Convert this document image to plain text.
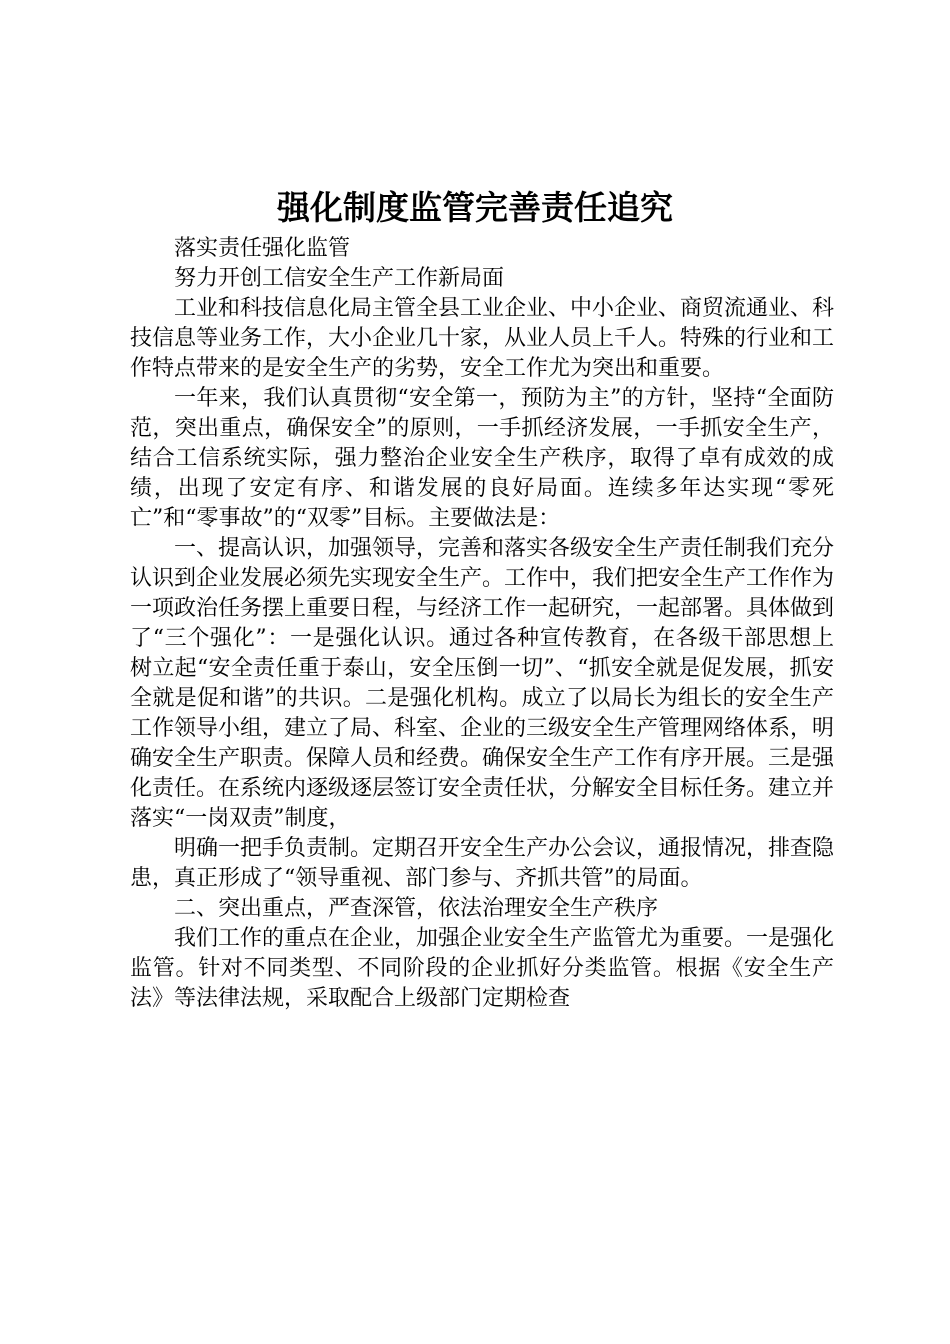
强化制度监管完善责任追究

落实责任强化监管

努力开创工信安全生产工作新局面

工业和科技信息化局主管全县工业企业、中小企业、商贸流通业、科技信息等业务工作，大小企业几十家，从业人员上千人。特殊的行业和工作特点带来的是安全生产的劣势，安全工作尤为突出和重要。

一年来，我们认真贯彻“安全第一，预防为主”的方针，坚持“全面防范，突出重点，确保安全”的原则，一手抓经济发展，一手抓安全生产，结合工信系统实际，强力整治企业安全生产秩序，取得了卓有成效的成绩，出现了安定有序、和谐发展的良好局面。连续多年达实现“零死亡”和“零事故”的“双零”目标。主要做法是：

一、提高认识，加强领导，完善和落实各级安全生产责任制我们充分认识到企业发展必须先实现安全生产。工作中，我们把安全生产工作作为一项政治任务摆上重要日程，与经济工作一起研究，一起部署。具体做到了“三个强化”：一是强化认识。通过各种宣传教育，在各级干部思想上树立起“安全责任重于泰山，安全压倒一切”、“抓安全就是促发展，抓安全就是促和谐”的共识。二是强化机构。成立了以局长为组长的安全生产工作领导小组，建立了局、科室、企业的三级安全生产管理网络体系，明确安全生产职责。保障人员和经费。确保安全生产工作有序开展。三是强化责任。在系统内逐级逐层签订安全责任状，分解安全目标任务。建立并落实“一岗双责”制度，

明确一把手负责制。定期召开安全生产办公会议，通报情况，排查隐患，真正形成了“领导重视、部门参与、齐抓共管”的局面。

二、突出重点，严查深管，依法治理安全生产秩序

我们工作的重点在企业，加强企业安全生产监管尤为重要。一是强化监管。针对不同类型、不同阶段的企业抓好分类监管。根据《安全生产法》等法律法规，采取配合上级部门定期检查
